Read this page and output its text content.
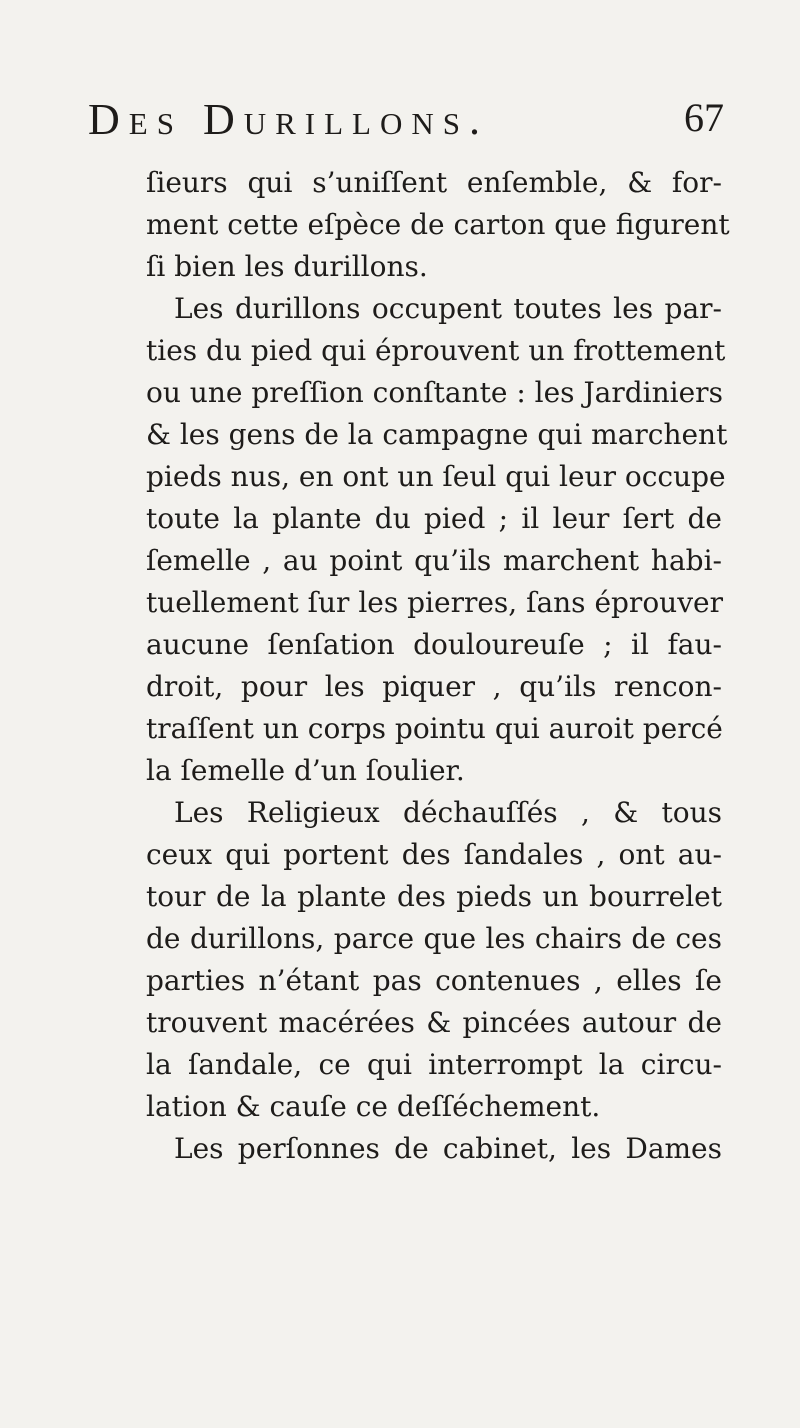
Des Durillons.	67
ſieurs qui s’uniſſent enſemble, & for-
ment cette eſpèce de carton que figurent
ſi bien les durillons.
Les durillons occupent toutes les par-
ties du pied qui éprouvent un frottement
ou une preſſion conſtante : les Jardiniers
& les gens de la campagne qui marchent
pieds nus, en ont un ſeul qui leur occupe
toute la plante du pied ; il leur ſert de
ſemelle , au point qu’ils marchent habi-
tuellement ſur les pierres, ſans éprouver
aucune ſenſation douloureuſe ; il fau-
droit, pour les piquer , qu’ils rencon-
traſſent un corps pointu qui auroit percé
la ſemelle d’un ſoulier.
Les Religieux déchauſſés , & tous
ceux qui portent des ſandales , ont au-
tour de la plante des pieds un bourrelet
de durillons, parce que les chairs de ces
parties n’étant pas contenues , elles ſe
trouvent macérées & pincées autour de
la ſandale, ce qui interrompt la circu-
lation & cauſe ce deſſéchement.
Les perſonnes de cabinet, les Dames
